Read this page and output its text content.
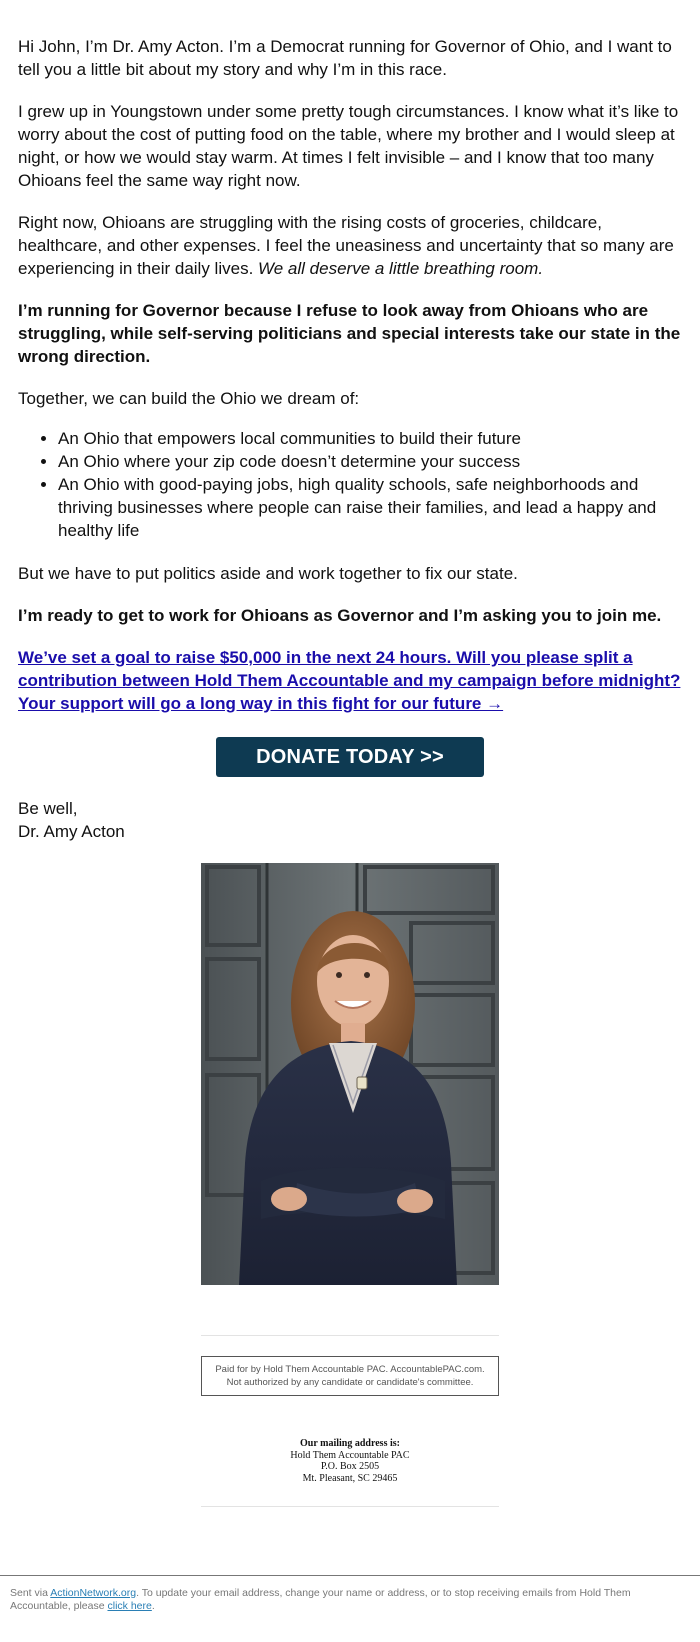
Hi John, I’m Dr. Amy Acton. I’m a Democrat running for Governor of Ohio, and I want to tell you a little bit about my story and why I’m in this race.

I grew up in Youngstown under some pretty tough circumstances. I know what it’s like to worry about the cost of putting food on the table, where my brother and I would sleep at night, or how we would stay warm. At times I felt invisible – and I know that too many Ohioans feel the same way right now.

Right now, Ohioans are struggling with the rising costs of groceries, childcare, healthcare, and other expenses. I feel the uneasiness and uncertainty that so many are experiencing in their daily lives. We all deserve a little breathing room.

I’m running for Governor because I refuse to look away from Ohioans who are struggling, while self-serving politicians and special interests take our state in the wrong direction.

Together, we can build the Ohio we dream of:

• An Ohio that empowers local communities to build their future
• An Ohio where your zip code doesn’t determine your success
• An Ohio with good-paying jobs, high quality schools, safe neighborhoods and thriving businesses where people can raise their families, and lead a happy and healthy life

But we have to put politics aside and work together to fix our state.

I’m ready to get to work for Ohioans as Governor and I’m asking you to join me.

We’ve set a goal to raise $50,000 in the next 24 hours. Will you please split a contribution between Hold Them Accountable and my campaign before midnight? Your support will go a long way in this fight for our future →
DONATE TODAY >>
Be well,
Dr. Amy Acton
Paid for by Hold Them Accountable PAC. AccountablePAC.com. Not authorized by any candidate or candidate's committee.
Our mailing address is:
Hold Them Accountable PAC
P.O. Box 2505
Mt. Pleasant, SC 29465
Sent via ActionNetwork.org. To update your email address, change your name or address, or to stop receiving emails from Hold Them Accountable, please click here.
